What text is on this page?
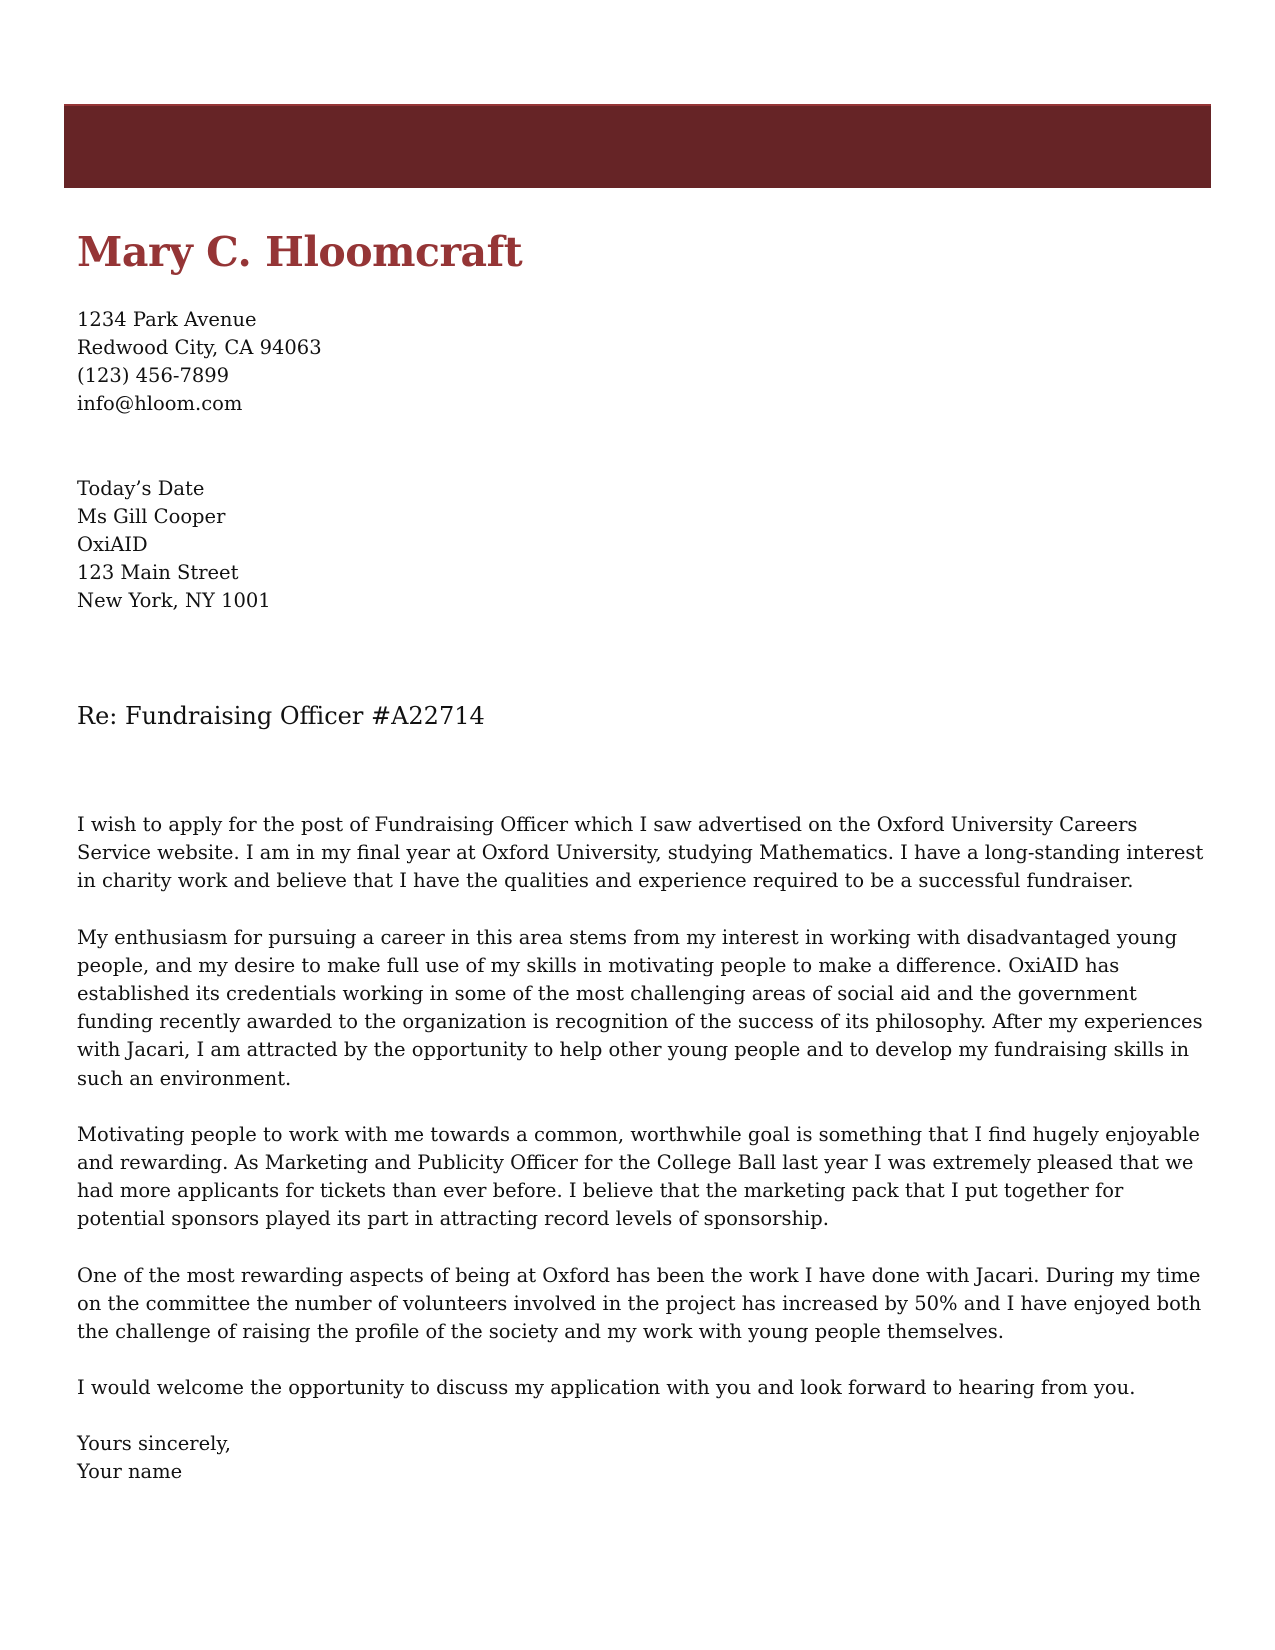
Mary C. Hloomcraft
1234 Park Avenue
Redwood City, CA 94063
(123) 456-7899
info@hloom.com
Today’s Date
Ms Gill Cooper
OxiAID
123 Main Street
New York, NY 1001
Re: Fundraising Officer #A22714

I wish to apply for the post of Fundraising Officer which I saw advertised on the Oxford University Careers Service website. I am in my final year at Oxford University, studying Mathematics. I have a long-standing interest in charity work and believe that I have the qualities and experience required to be a successful fundraiser.

My enthusiasm for pursuing a career in this area stems from my interest in working with disadvantaged young people, and my desire to make full use of my skills in motivating people to make a difference. OxiAID has established its credentials working in some of the most challenging areas of social aid and the government funding recently awarded to the organization is recognition of the success of its philosophy. After my experiences with Jacari, I am attracted by the opportunity to help other young people and to develop my fundraising skills in such an environment.

Motivating people to work with me towards a common, worthwhile goal is something that I find hugely enjoyable and rewarding. As Marketing and Publicity Officer for the College Ball last year I was extremely pleased that we had more applicants for tickets than ever before. I believe that the marketing pack that I put together for potential sponsors played its part in attracting record levels of sponsorship.

One of the most rewarding aspects of being at Oxford has been the work I have done with Jacari. During my time on the committee the number of volunteers involved in the project has increased by 50% and I have enjoyed both the challenge of raising the profile of the society and my work with young people themselves.

I would welcome the opportunity to discuss my application with you and look forward to hearing from you.

Yours sincerely,
Your name
